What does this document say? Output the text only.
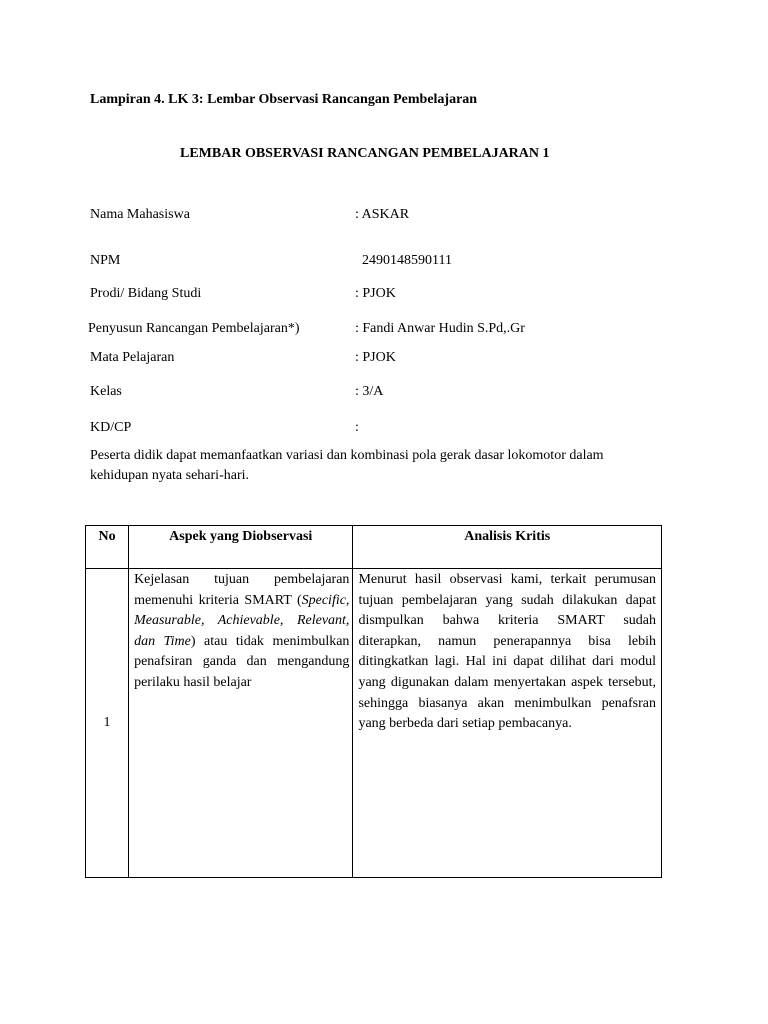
Lampiran 4. LK 3: Lembar Observasi Rancangan Pembelajaran
LEMBAR OBSERVASI RANCANGAN PEMBELAJARAN 1
Nama Mahasiswa	: ASKAR
NPM	2490148590111
Prodi/ Bidang Studi	: PJOK
Penyusun Rancangan Pembelajaran*)	: Fandi Anwar Hudin S.Pd,.Gr
Mata Pelajaran	: PJOK
Kelas	: 3/A
KD/CP	:
Peserta didik dapat memanfaatkan variasi dan kombinasi pola gerak dasar lokomotor dalam kehidupan nyata sehari-hari.
No	Aspek yang Diobservasi	Analisis Kritis
1	Kejelasan tujuan pembelajaran memenuhi kriteria SMART (Specific, Measurable, Achievable, Relevant, dan Time) atau tidak menimbulkan penafsiran ganda dan mengandung perilaku hasil belajar	Menurut hasil observasi kami, terkait perumusan tujuan pembelajaran yang sudah dilakukan dapat dismpulkan bahwa kriteria SMART sudah diterapkan, namun penerapannya bisa lebih ditingkatkan lagi. Hal ini dapat dilihat dari modul yang digunakan dalam menyertakan aspek tersebut, sehingga biasanya akan menimbulkan penafsran yang berbeda dari setiap pembacanya.
